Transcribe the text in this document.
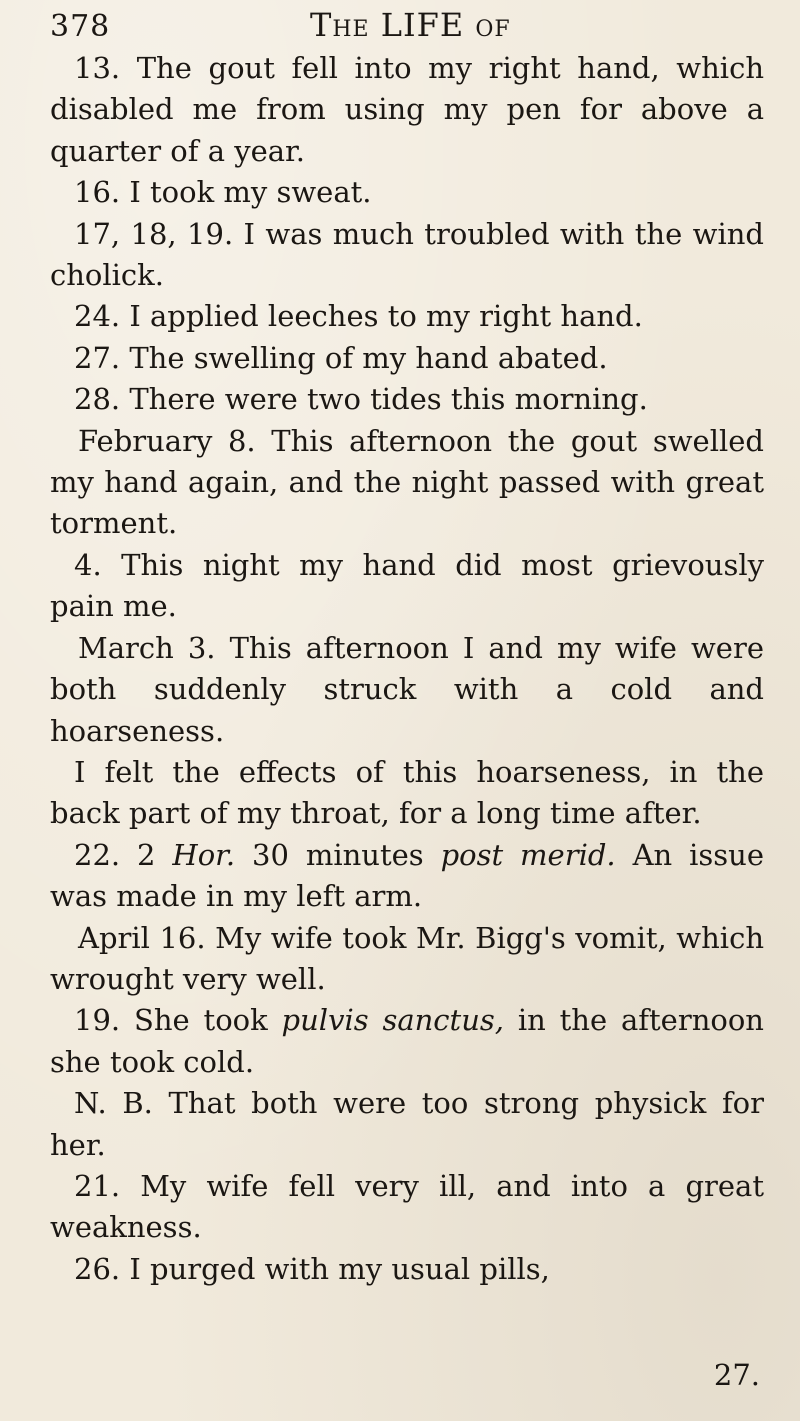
378	The LIFE of

13. The gout fell into my right hand, which disabled me from using my pen for above a quarter of a year.

16. I took my sweat.

17, 18, 19. I was much troubled with the wind cholick.

24. I applied leeches to my right hand.

27. The swelling of my hand abated.

28. There were two tides this morning.

February 8. This afternoon the gout swelled my hand again, and the night passed with great torment.

4. This night my hand did most grievously pain me.

March 3. This afternoon I and my wife were both suddenly struck with a cold and hoarseness.

I felt the effects of this hoarseness, in the back part of my throat, for a long time after.

22. 2 Hor. 30 minutes post merid. An issue was made in my left arm.

April 16. My wife took Mr. Bigg's vomit, which wrought very well.

19. She took pulvis sanctus, in the afternoon she took cold.

N. B. That both were too strong physick for her.

21. My wife fell very ill, and into a great weakness.

26. I purged with my usual pills,

27.
